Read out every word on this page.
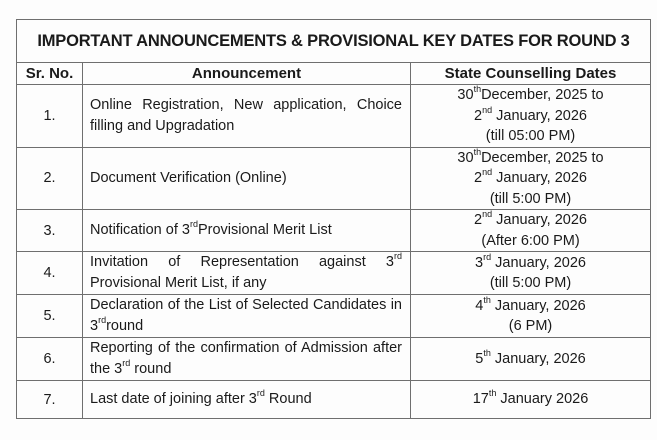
IMPORTANT ANNOUNCEMENTS & PROVISIONAL KEY DATES FOR ROUND 3		
Sr. No.	Announcement	State Counselling Dates
1.	Online Registration, New application, Choice filling and Upgradation	30thDecember, 2025 to
2nd January, 2026
(till 05:00 PM)

2.	Document Verification (Online)	30thDecember, 2025 to
2nd January, 2026
(till 5:00 PM)

3.	Notification of 3rdProvisional Merit List	2nd January, 2026
(After 6:00 PM)

4.	Invitation of Representation against 3rd Provisional Merit List, if any	3rd January, 2026
(till 5:00 PM)

5.	Declaration of the List of Selected Candidates in 3rdround	4th January, 2026
(6 PM)

6.	Reporting of the confirmation of Admission after the 3rd round	5th January, 2026

7.	Last date of joining after 3rd Round	17th January 2026
